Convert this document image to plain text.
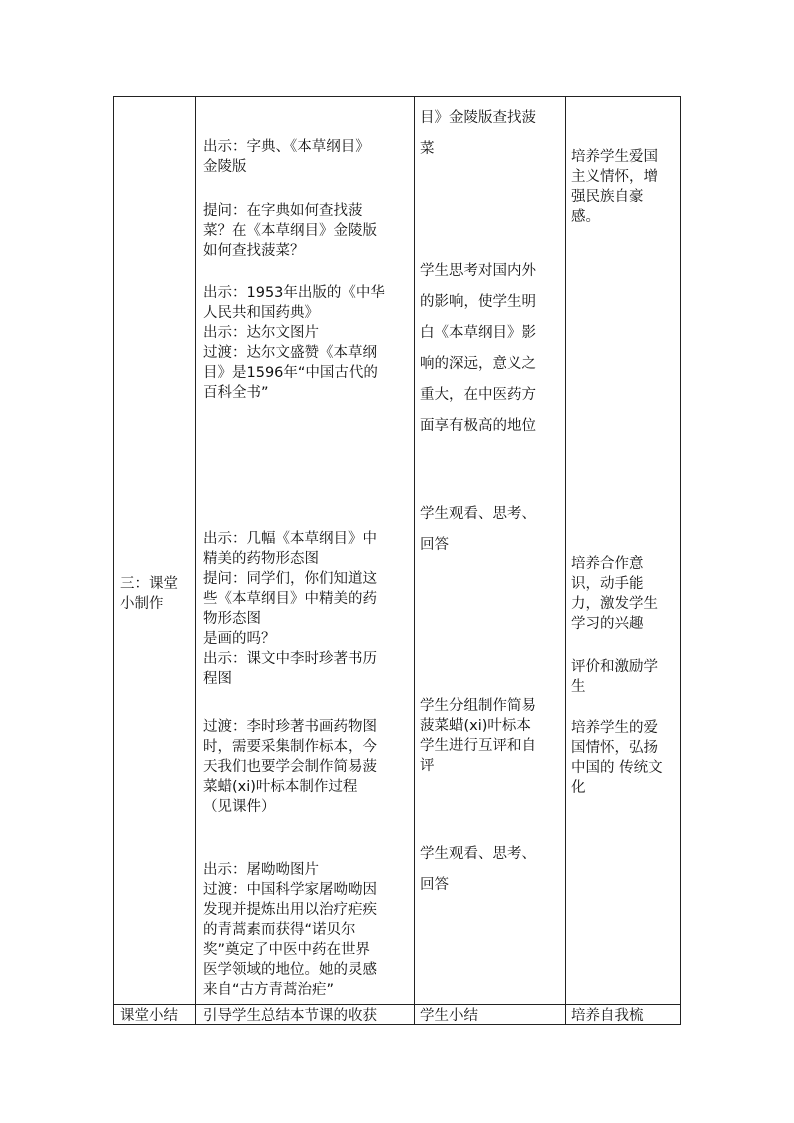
三：课堂
小制作
出示：字典、《本草纲目》
金陵版
提问：在字典如何查找菠
菜？在《本草纲目》金陵版
如何查找菠菜？
出示：1953年出版的《中华
人民共和国药典》
出示：达尔文图片
过渡：达尔文盛赞《本草纲
目》是1596年“中国古代的
百科全书”
出示：几幅《本草纲目》中
精美的药物形态图
提问：同学们，你们知道这
些《本草纲目》中精美的药
物形态图
是画的吗？
出示：课文中李时珍著书历
程图
过渡：李时珍著书画药物图
时，需要采集制作标本，今
天我们也要学会制作简易菠
菜蜡(xi)叶标本制作过程
（见课件）
出示：屠呦呦图片
过渡：中国科学家屠呦呦因
发现并提炼出用以治疗疟疾
的青蒿素而获得“诺贝尔
奖”奠定了中医中药在世界
医学领域的地位。她的灵感
来自“古方青蒿治疟”
目》金陵版查找菠
菜
学生思考对国内外
的影响，使学生明
白《本草纲目》影
响的深远，意义之
重大，在中医药方
面享有极高的地位
学生观看、思考、
回答
学生分组制作简易
菠菜蜡(xi)叶标本
学生进行互评和自
评
学生观看、思考、
回答
培养学生爱国
主义情怀，增
强民族自豪
感。
培养合作意
识，动手能
力，激发学生
学习的兴趣
评价和激励学
生
培养学生的爱
国情怀，弘扬
中国的 传统文
化
课堂小结 引导学生总结本节课的收获	学生小结	培养自我梳
